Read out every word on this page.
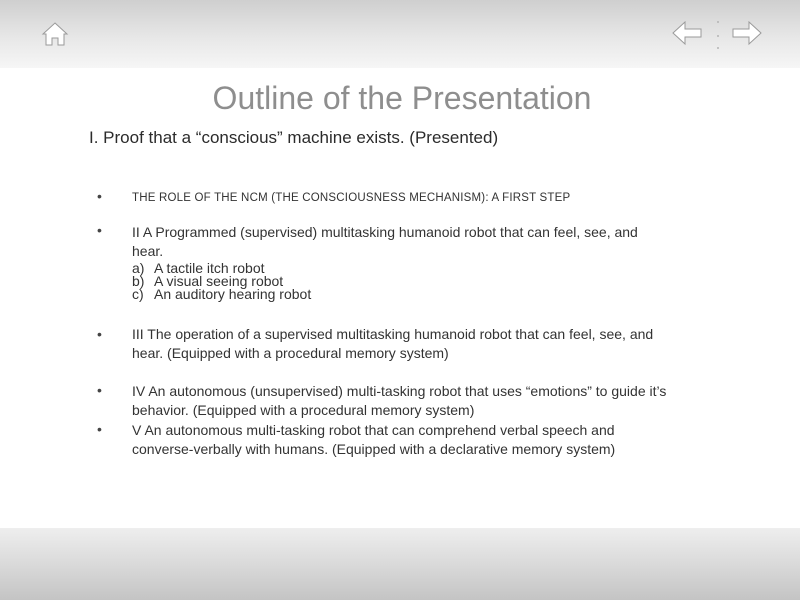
Outline of the Presentation
I. Proof that a “conscious” machine exists. (Presented)
•	THE ROLE OF THE NCM (THE CONSCIOUSNESS MECHANISM): A FIRST STEP
• II A Programmed (supervised) multitasking humanoid robot that can feel, see, and hear.
a) A tactile itch robot
b) A visual seeing robot
c) An auditory hearing robot
• III The operation of a supervised multitasking humanoid robot that can feel, see, and hear. (Equipped with a procedural memory system)
• IV An autonomous (unsupervised) multi-tasking robot that uses “emotions” to guide it’s behavior. (Equipped with a procedural memory system)
• V An autonomous multi-tasking robot that can comprehend verbal speech and converse-verbally with humans. (Equipped with a declarative memory system)
